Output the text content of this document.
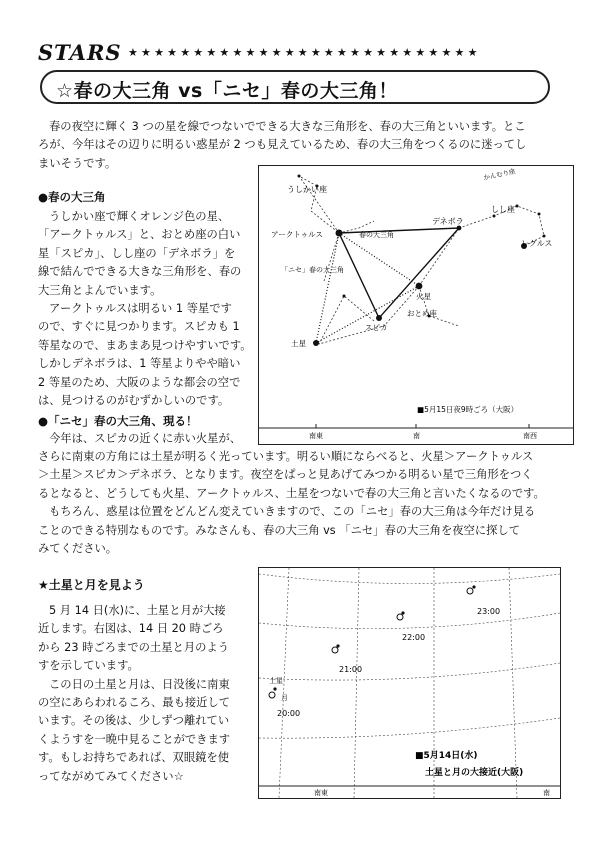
STARS ★★★★★★★★★★★★★★★★★★★★★★★★★★★
☆春の大三角 vs「ニセ」春の大三角！

春の夜空に輝く 3 つの星を線でつないでできる大きな三角形を、春の大三角といいます。とこ

ろが、今年はその辺りに明るい惑星が 2 つも見えているため、春の大三角をつくるのに迷ってし

まいそうです。

●春の大三角

うしかい座で輝くオレンジ色の星、

「アークトゥルス」と、おとめ座の白い

星「スピカ」、しし座の「デネボラ」を

線で結んでできる大きな三角形を、春の

大三角とよんでいます。

アークトゥルスは明るい 1 等星です

ので、すぐに見つかります。スピカも 1

等星なので、まあまあ見つけやすいです。

しかしデネボラは、1 等星よりやや暗い

2 等星のため、大阪のような都会の空で

は、見つけるのがむずかしいのです。

●「ニセ」春の大三角、現る！

今年は、スピカの近くに赤い火星が、

さらに南東の方角には土星が明るく光っています。明るい順にならべると、火星＞アークトゥルス

＞土星＞スピカ＞デネボラ、となります。夜空をぱっと見あげてみつかる明るい星で三角形をつく

るとなると、どうしても火星、アークトゥルス、土星をつないで春の大三角と言いたくなるのです。

もちろん、惑星は位置をどんどん変えていきますので、この「ニセ」春の大三角は今年だけ見る

ことのできる特別なものです。みなさんも、春の大三角 vs 「ニセ」春の大三角を夜空に探して

みてください。

★土星と月を見よう

5 月 14 日(水)に、土星と月が大接

近します。右図は、14 日 20 時ごろ

から 23 時ごろまでの土星と月のよう

すを示しています。

この日の土星と月は、日没後に南東

の空にあらわれるころ、最も接近して

います。その後は、少しずつ離れてい

くようすを一晩中見ることができます

す。もしお持ちであれば、双眼鏡を使

ってながめてみてください☆

うしかい座
かんむり座
しし座
アークトゥルス	春の大三角
デネボラ
レグルス
「ニセ」春の大三角
火星
おとめ座
スピカ
土星
■5月15日夜9時ごろ（大阪）
南東	南	南西
23:00
22:00
21:00
土星
月
20:00
■5月14日(水)
土星と月の大接近(大阪)
南東	南
